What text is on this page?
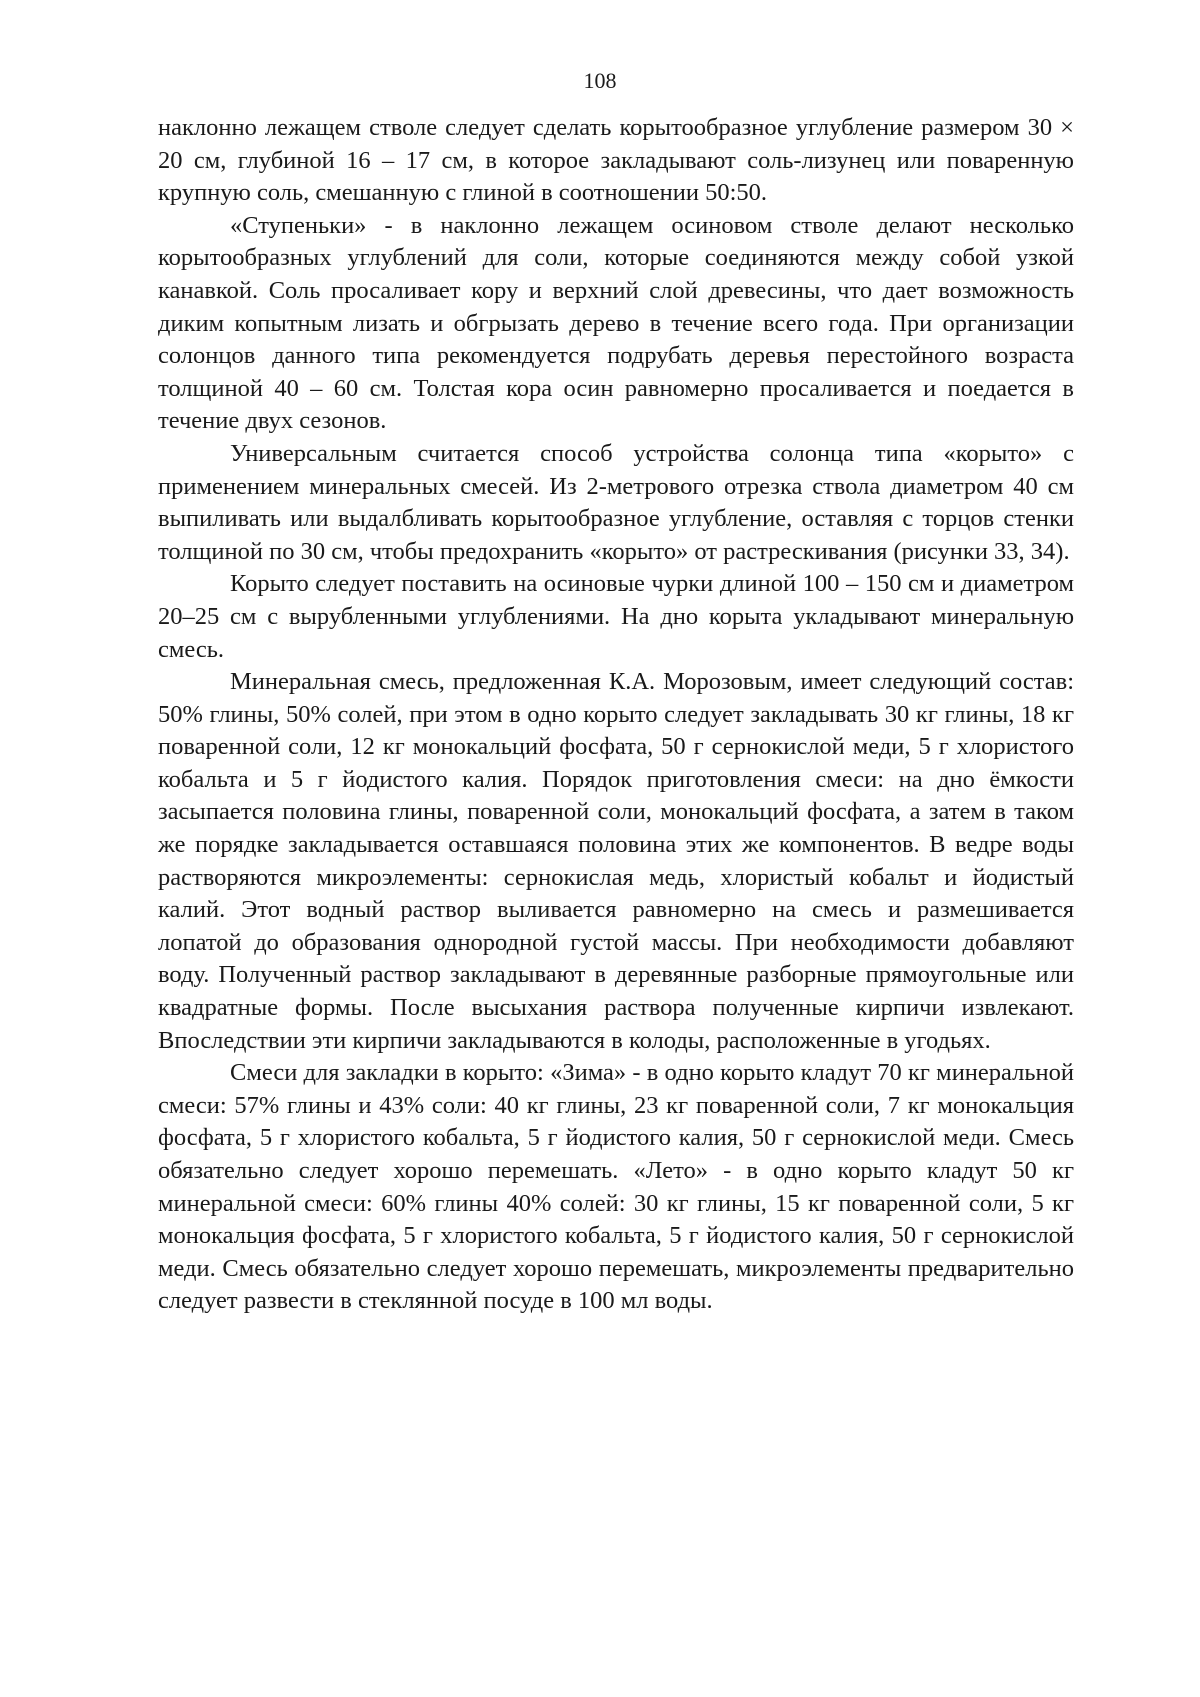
108

наклонно лежащем стволе следует сделать корытообразное углубление размером 30 × 20 см, глубиной 16 – 17 см, в которое закладывают соль-лизунец или поваренную крупную соль, смешанную с глиной в соотношении 50:50.

«Ступеньки» - в наклонно лежащем осиновом стволе делают несколько корытообразных углублений для соли, которые соединяются между собой узкой канавкой. Соль просаливает кору и верхний слой древесины, что дает возможность диким копытным лизать и обгрызать дерево в течение всего года. При организации солонцов данного типа рекомендуется подрубать деревья перестойного возраста толщиной 40 – 60 см. Толстая кора осин равномерно просаливается и поедается в течение двух сезонов.

Универсальным считается способ устройства солонца типа «корыто» с применением минеральных смесей. Из 2-метрового отрезка ствола диаметром 40 см выпиливать или выдалбливать корытообразное углубление, оставляя с торцов стенки толщиной по 30 см, чтобы предохранить «корыто» от растрескивания (рисунки 33, 34).

Корыто следует поставить на осиновые чурки длиной 100 – 150 см и диаметром 20–25 см с вырубленными углублениями. На дно корыта укладывают минеральную смесь.

Минеральная смесь, предложенная К.А. Морозовым, имеет следующий состав: 50% глины, 50% солей, при этом в одно корыто следует закладывать 30 кг глины, 18 кг поваренной соли, 12 кг монокальций фосфата, 50 г сернокислой меди, 5 г хлористого кобальта и 5 г йодистого калия. Порядок приготовления смеси: на дно ёмкости засыпается половина глины, поваренной соли, монокальций фосфата, а затем в таком же порядке закладывается оставшаяся половина этих же компонентов. В ведре воды растворяются микроэлементы: сернокислая медь, хлористый кобальт и йодистый калий. Этот водный раствор выливается равномерно на смесь и размешивается лопатой до образования однородной густой массы. При необходимости добавляют воду. Полученный раствор закладывают в деревянные разборные прямоугольные или квадратные формы. После высыхания раствора полученные кирпичи извлекают. Впоследствии эти кирпичи закладываются в колоды, расположенные в угодьях.

Смеси для закладки в корыто: «Зима» - в одно корыто кладут 70 кг минеральной смеси: 57% глины и 43% соли: 40 кг глины, 23 кг поваренной соли, 7 кг монокальция фосфата, 5 г хлористого кобальта, 5 г йодистого калия, 50 г сернокислой меди. Смесь обязательно следует хорошо перемешать. «Лето» - в одно корыто кладут 50 кг минеральной смеси: 60% глины 40% солей: 30 кг глины, 15 кг поваренной соли, 5 кг монокальция фосфата, 5 г хлористого кобальта, 5 г йодистого калия, 50 г сернокислой меди. Смесь обязательно следует хорошо перемешать, микроэлементы предварительно следует развести в стеклянной посуде в 100 мл воды.
